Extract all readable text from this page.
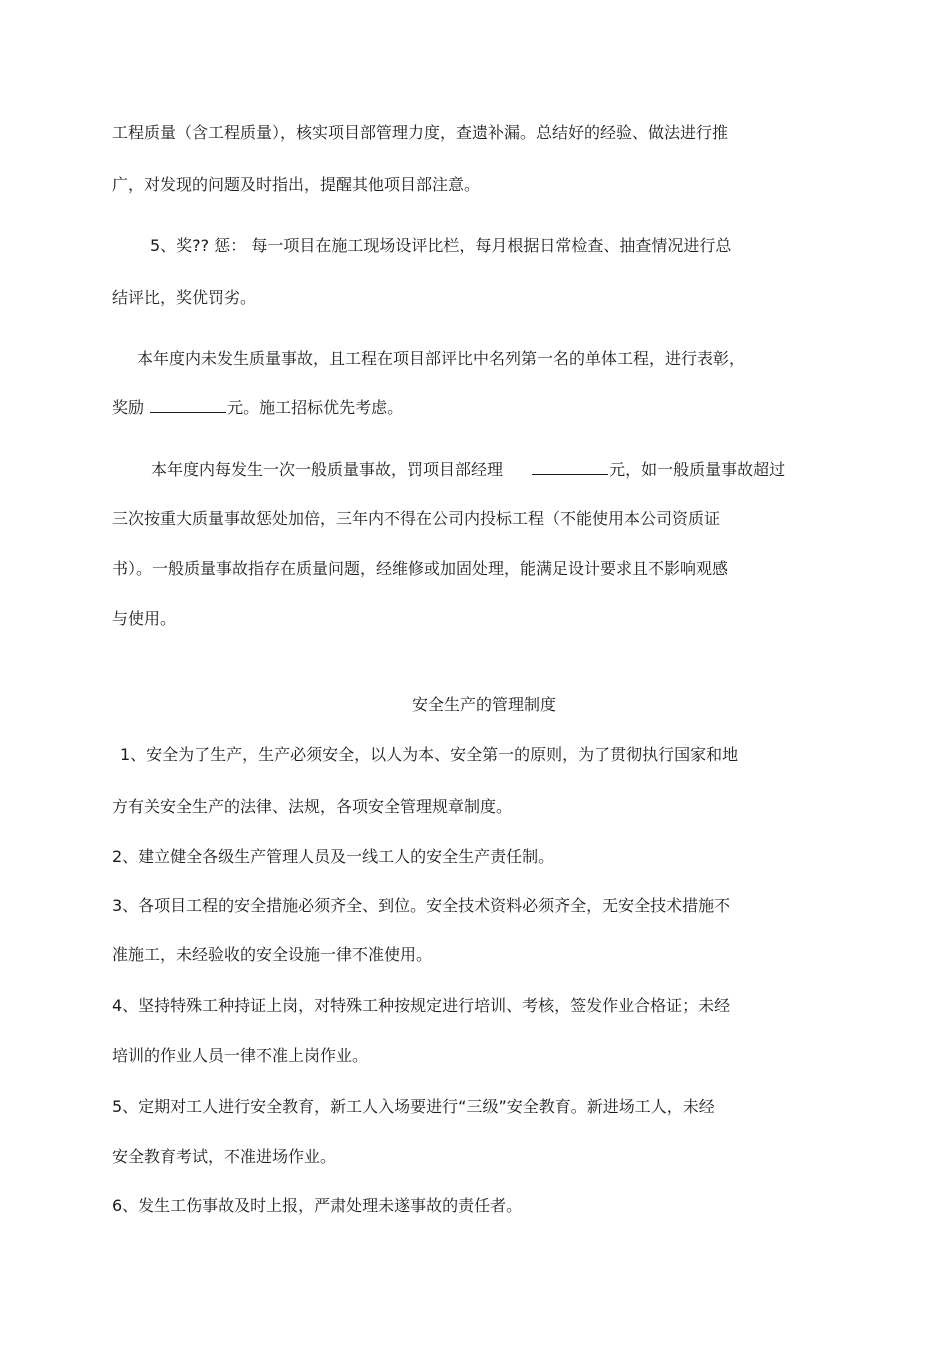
工程质量（含工程质量），核实项目部管理力度，查遗补漏。总结好的经验、做法进行推

广，对发现的问题及时指出，提醒其他项目部注意。

5、奖?? 惩： 每一项目在施工现场设评比栏，每月根据日常检查、抽查情况进行总

结评比，奖优罚劣。

本年度内未发生质量事故，且工程在项目部评比中名列第一名的单体工程，进行表彰，

奖励	元。施工招标优先考虑。

本年度内每发生一次一般质量事故，罚项目部经理	元，如一般质量事故超过

三次按重大质量事故惩处加倍，三年内不得在公司内投标工程（不能使用本公司资质证

书）。一般质量事故指存在质量问题，经维修或加固处理，能满足设计要求且不影响观感

与使用。

安全生产的管理制度

1、安全为了生产，生产必须安全，以人为本、安全第一的原则，为了贯彻执行国家和地

方有关安全生产的法律、法规，各项安全管理规章制度。

2、建立健全各级生产管理人员及一线工人的安全生产责任制。

3、各项目工程的安全措施必须齐全、到位。安全技术资料必须齐全，无安全技术措施不

准施工，未经验收的安全设施一律不准使用。

4、坚持特殊工种持证上岗，对特殊工种按规定进行培训、考核，签发作业合格证；未经

培训的作业人员一律不准上岗作业。

5、定期对工人进行安全教育，新工人入场要进行“三级”安全教育。新进场工人，未经

安全教育考试，不准进场作业。

6、发生工伤事故及时上报，严肃处理未遂事故的责任者。
